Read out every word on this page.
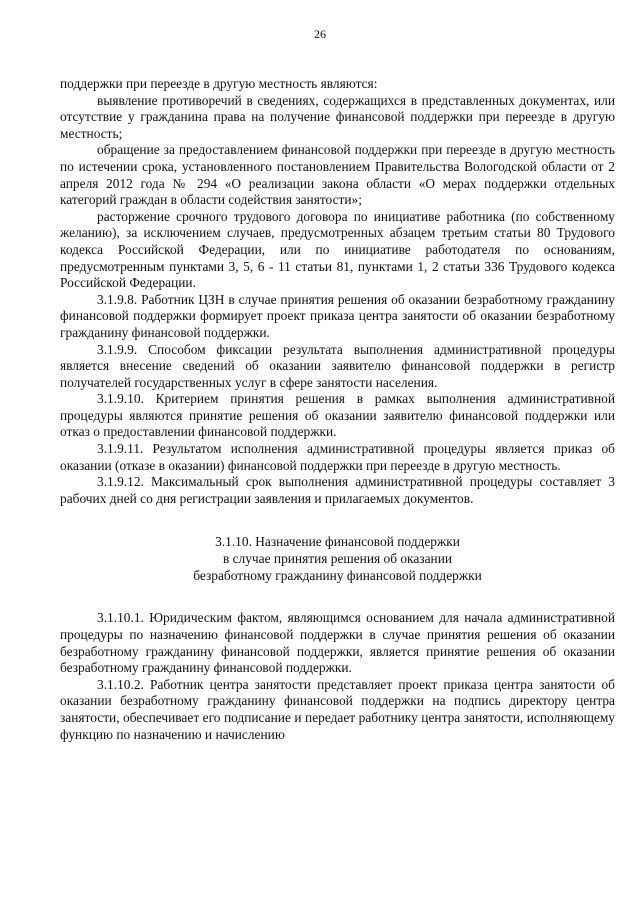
26

поддержки при переезде в другую местность являются:

выявление противоречий в сведениях, содержащихся в представленных документах, или отсутствие у гражданина права на получение финансовой поддержки при переезде в другую местность;

обращение за предоставлением финансовой поддержки при переезде в другую местность по истечении срока, установленного постановлением Правительства Вологодской области от 2 апреля 2012 года № 294 «О реализации закона области «О мерах поддержки отдельных категорий граждан в области содействия занятости»;

расторжение срочного трудового договора по инициативе работника (по собственному желанию), за исключением случаев, предусмотренных абзацем третьим статьи 80 Трудового кодекса Российской Федерации, или по инициативе работодателя по основаниям, предусмотренным пунктами 3, 5, 6 - 11 статьи 81, пунктами 1, 2 статьи 336 Трудового кодекса Российской Федерации.

3.1.9.8. Работник ЦЗН в случае принятия решения об оказании безработному гражданину финансовой поддержки формирует проект приказа центра занятости об оказании безработному гражданину финансовой поддержки.

3.1.9.9. Способом фиксации результата выполнения административной процедуры является внесение сведений об оказании заявителю финансовой поддержки в регистр получателей государственных услуг в сфере занятости населения.

3.1.9.10. Критерием принятия решения в рамках выполнения административной процедуры являются принятие решения об оказании заявителю финансовой поддержки или отказ о предоставлении финансовой поддержки.

3.1.9.11. Результатом исполнения административной процедуры является приказ об оказании (отказе в оказании) финансовой поддержки при переезде в другую местность.

3.1.9.12. Максимальный срок выполнения административной процедуры составляет 3 рабочих дней со дня регистрации заявления и прилагаемых документов.

3.1.10. Назначение финансовой поддержки
в случае принятия решения об оказании
безработному гражданину финансовой поддержки

3.1.10.1. Юридическим фактом, являющимся основанием для начала административной процедуры по назначению финансовой поддержки в случае принятия решения об оказании безработному гражданину финансовой поддержки, является принятие решения об оказании безработному гражданину финансовой поддержки.

3.1.10.2. Работник центра занятости представляет проект приказа центра занятости об оказании безработному гражданину финансовой поддержки на подпись директору центра занятости, обеспечивает его подписание и передает работнику центра занятости, исполняющему функцию по назначению и начислению
